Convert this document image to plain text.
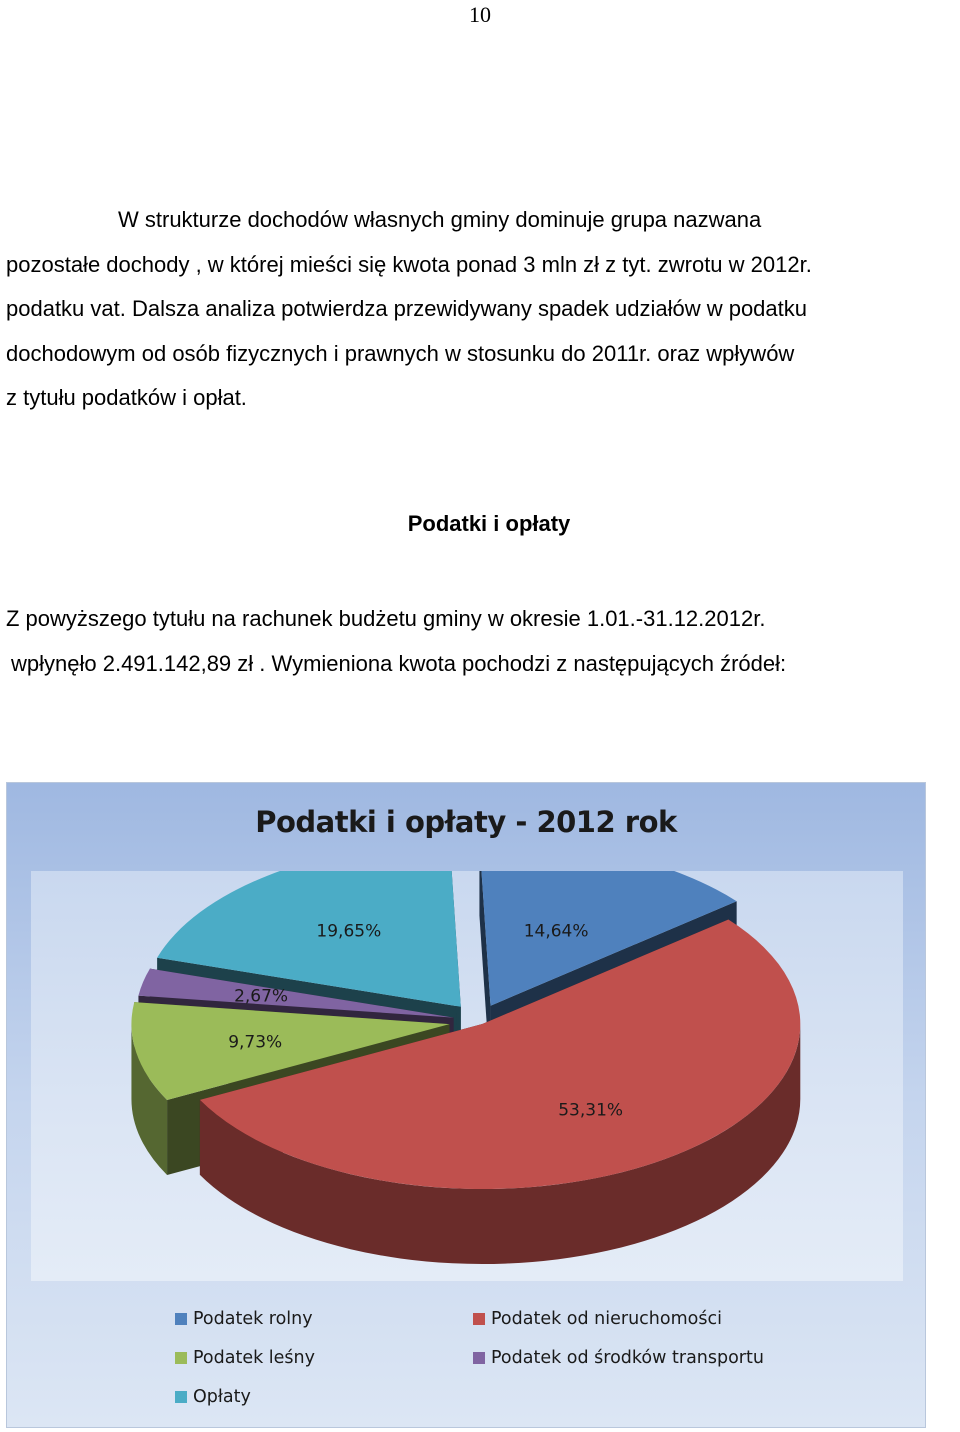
10

W strukturze dochodów własnych gminy dominuje grupa nazwana

pozostałe dochody , w której mieści się kwota ponad 3 mln zł z tyt. zwrotu w 2012r.

podatku vat. Dalsza analiza potwierdza przewidywany spadek udziałów w podatku

dochodowym od osób fizycznych i prawnych w stosunku do 2011r. oraz wpływów

z tytułu podatków i opłat.

Podatki i opłaty

Z powyższego tytułu na rachunek budżetu gminy w okresie 1.01.-31.12.2012r.

wpłynęło 2.491.142,89 zł . Wymieniona kwota pochodzi z następujących źródeł:

Podatki i opłaty - 2012 rok
14,64%
53,31%
9,73%
2,67%
19,65%
Podatek rolny	Podatek od nieruchomości
Podatek leśny	Podatek od środków transportu
Opłaty
